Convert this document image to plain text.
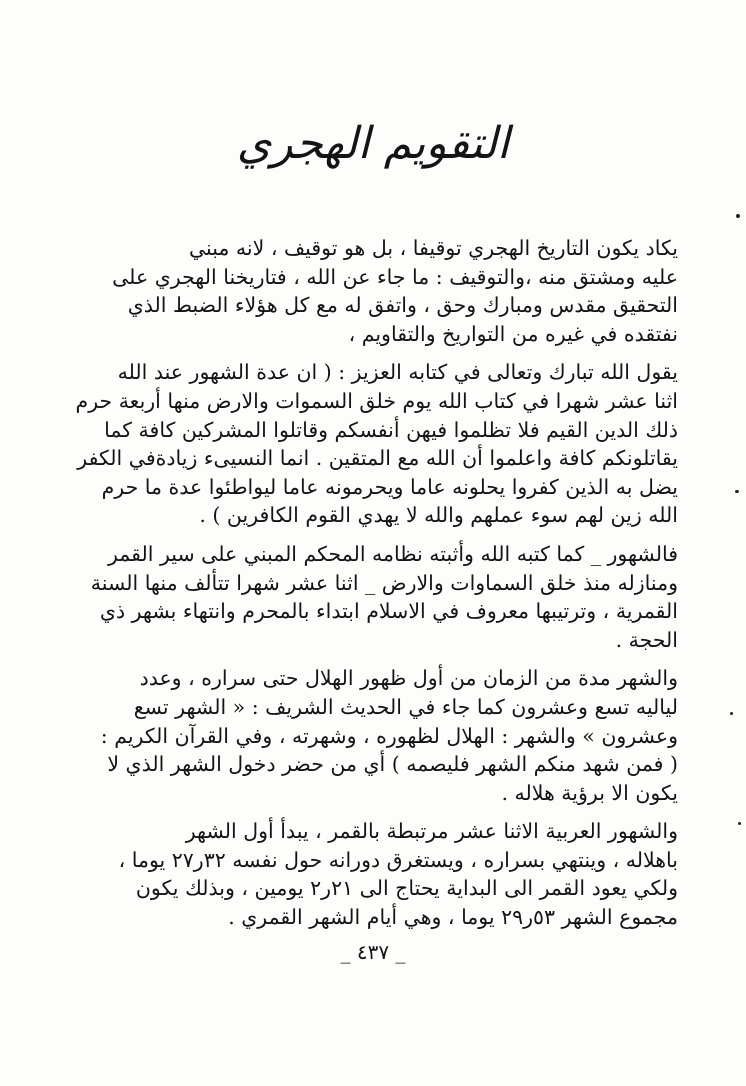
التقويم الهجري

يكاد يكون التاريخ الهجري توقيفا ، بل هو توقيف ، لانه مبني
عليه ومشتق منه ،والتوقيف : ما جاء عن الله ، فتاريخنا الهجري على
التحقيق مقدس ومبارك وحق ، واتفق له مع كل هؤلاء الضبط الذي
نفتقده في غيره من التواريخ والتقاويم ،

يقول الله تبارك وتعالى في كتابه العزيز : ( ان عدة الشهور عند الله
اثنا عشر شهرا في كتاب الله يوم خلق السموات والارض منها أربعة حرم
ذلك الدين القيم فلا تظلموا فيهن أنفسكم وقاتلوا المشركين كافة كما
يقاتلونكم كافة واعلموا أن الله مع المتقين . انما النسيىء زيادةفي الكفر
يضل به الذين كفروا يحلونه عاما ويحرمونه عاما ليواطئوا عدة ما حرم
الله زين لهم سوء عملهم والله لا يهدي القوم الكافرين ) .

فالشهور _ كما كتبه الله وأثبته نظامه المحكم المبني على سير القمر
ومنازله منذ خلق السماوات والارض _ اثنا عشر شهرا تتألف منها السنة
القمرية ، وترتيبها معروف في الاسلام ابتداء بالمحرم وانتهاء بشهر ذي
الحجة .

والشهر مدة من الزمان من أول ظهور الهلال حتى سراره ، وعدد
لياليه تسع وعشرون كما جاء في الحديث الشريف : « الشهر تسع
وعشرون » والشهر : الهلال لظهوره ، وشهرته ، وفي القرآن الكريم :
( فمن شهد منكم الشهر فليصمه ) أي من حضر دخول الشهر الذي لا
يكون الا برؤية هلاله .

والشهور العربية الاثنا عشر مرتبطة بالقمر ، يبدأ أول الشهر
باهلاله ، وينتهي بسراره ، ويستغرق دورانه حول نفسه ٣٢ر٢٧ يوما ،
ولكي يعود القمر الى البداية يحتاج الى ٢١ر٢ يومين ، وبذلك يكون
مجموع الشهر ٥٣ر٢٩ يوما ، وهي أيام الشهر القمري .

_ ٤٣٧ _
